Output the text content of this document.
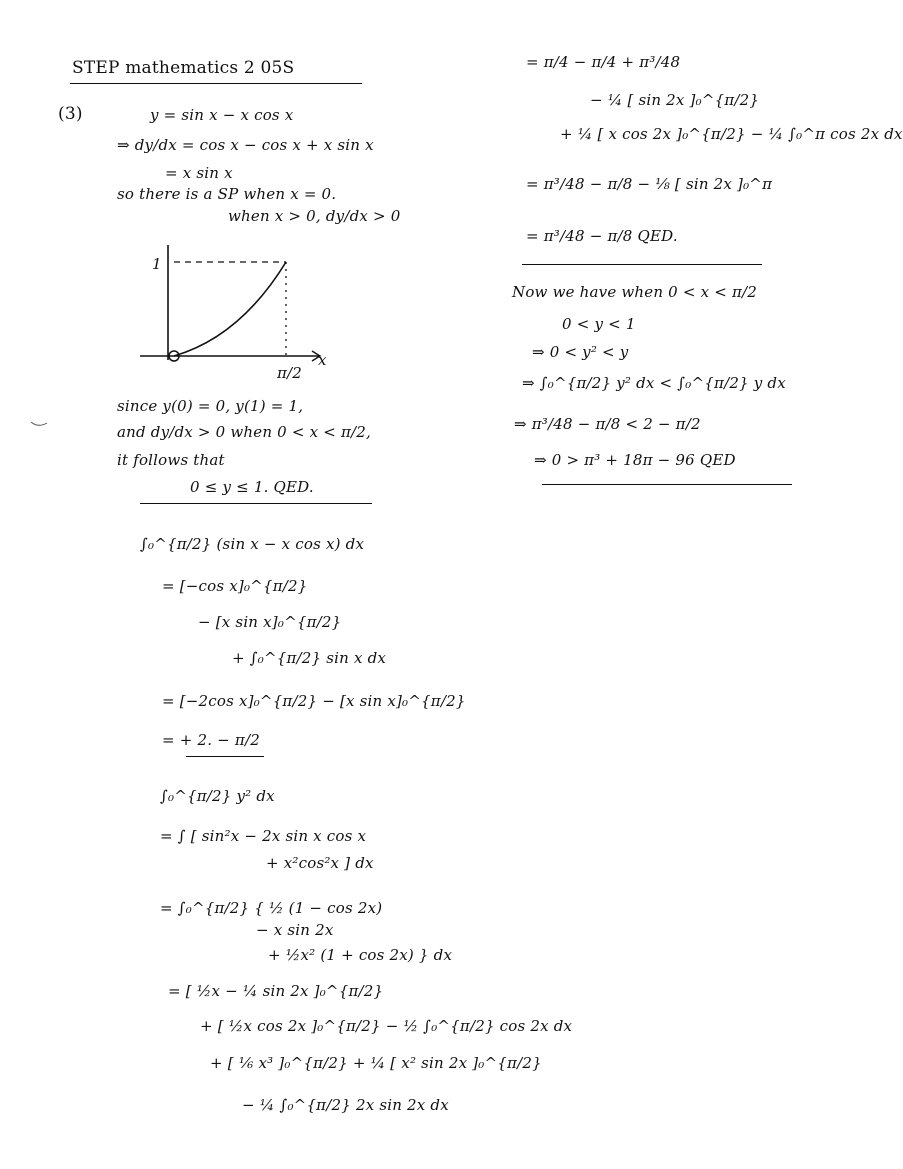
STEP mathematics 2 05S
(3)	y = sin x − x cos x
⇒ dy/dx = cos x − cos x + x sin x
= x sin x
so there is a SP when x = 0.
when x > 0, dy/dx > 0
1
π/2
x
since y(0) = 0, y(1) = 1,
and dy/dx > 0 when 0 < x < π/2,
it follows that
0 ≤ y ≤ 1. QED.
∫₀^{π/2} (sin x − x cos x) dx
= [−cos x]₀^{π/2}
− [x sin x]₀^{π/2}
+ ∫₀^{π/2} sin x dx
= [−2cos x]₀^{π/2} − [x sin x]₀^{π/2}
= + 2. − π/2
∫₀^{π/2} y² dx
= ∫ [ sin²x − 2x sin x cos x
+ x²cos²x ] dx
= ∫₀^{π/2} { ½ (1 − cos 2x)
− x sin 2x
+ ½x² (1 + cos 2x) } dx
= [ ½x − ¼ sin 2x ]₀^{π/2}
+ [ ½x cos 2x ]₀^{π/2} − ½ ∫₀^{π/2} cos 2x dx
+ [ ⅙ x³ ]₀^{π/2} + ¼ [ x² sin 2x ]₀^{π/2}
− ¼ ∫₀^{π/2} 2x sin 2x dx
= π/4 − π/4 + π³/48
− ¼ [ sin 2x ]₀^{π/2}
+ ¼ [ x cos 2x ]₀^{π/2} − ¼ ∫₀^π cos 2x dx
= π³/48 − π/8 − ⅛ [ sin 2x ]₀^π
= π³/48 − π/8 QED.
Now we have when 0 < x < π/2
0 < y < 1
⇒ 0 < y² < y
⇒ ∫₀^{π/2} y² dx < ∫₀^{π/2} y dx
⇒ π³/48 − π/8 < 2 − π/2
⇒ 0 > π³ + 18π − 96 QED
